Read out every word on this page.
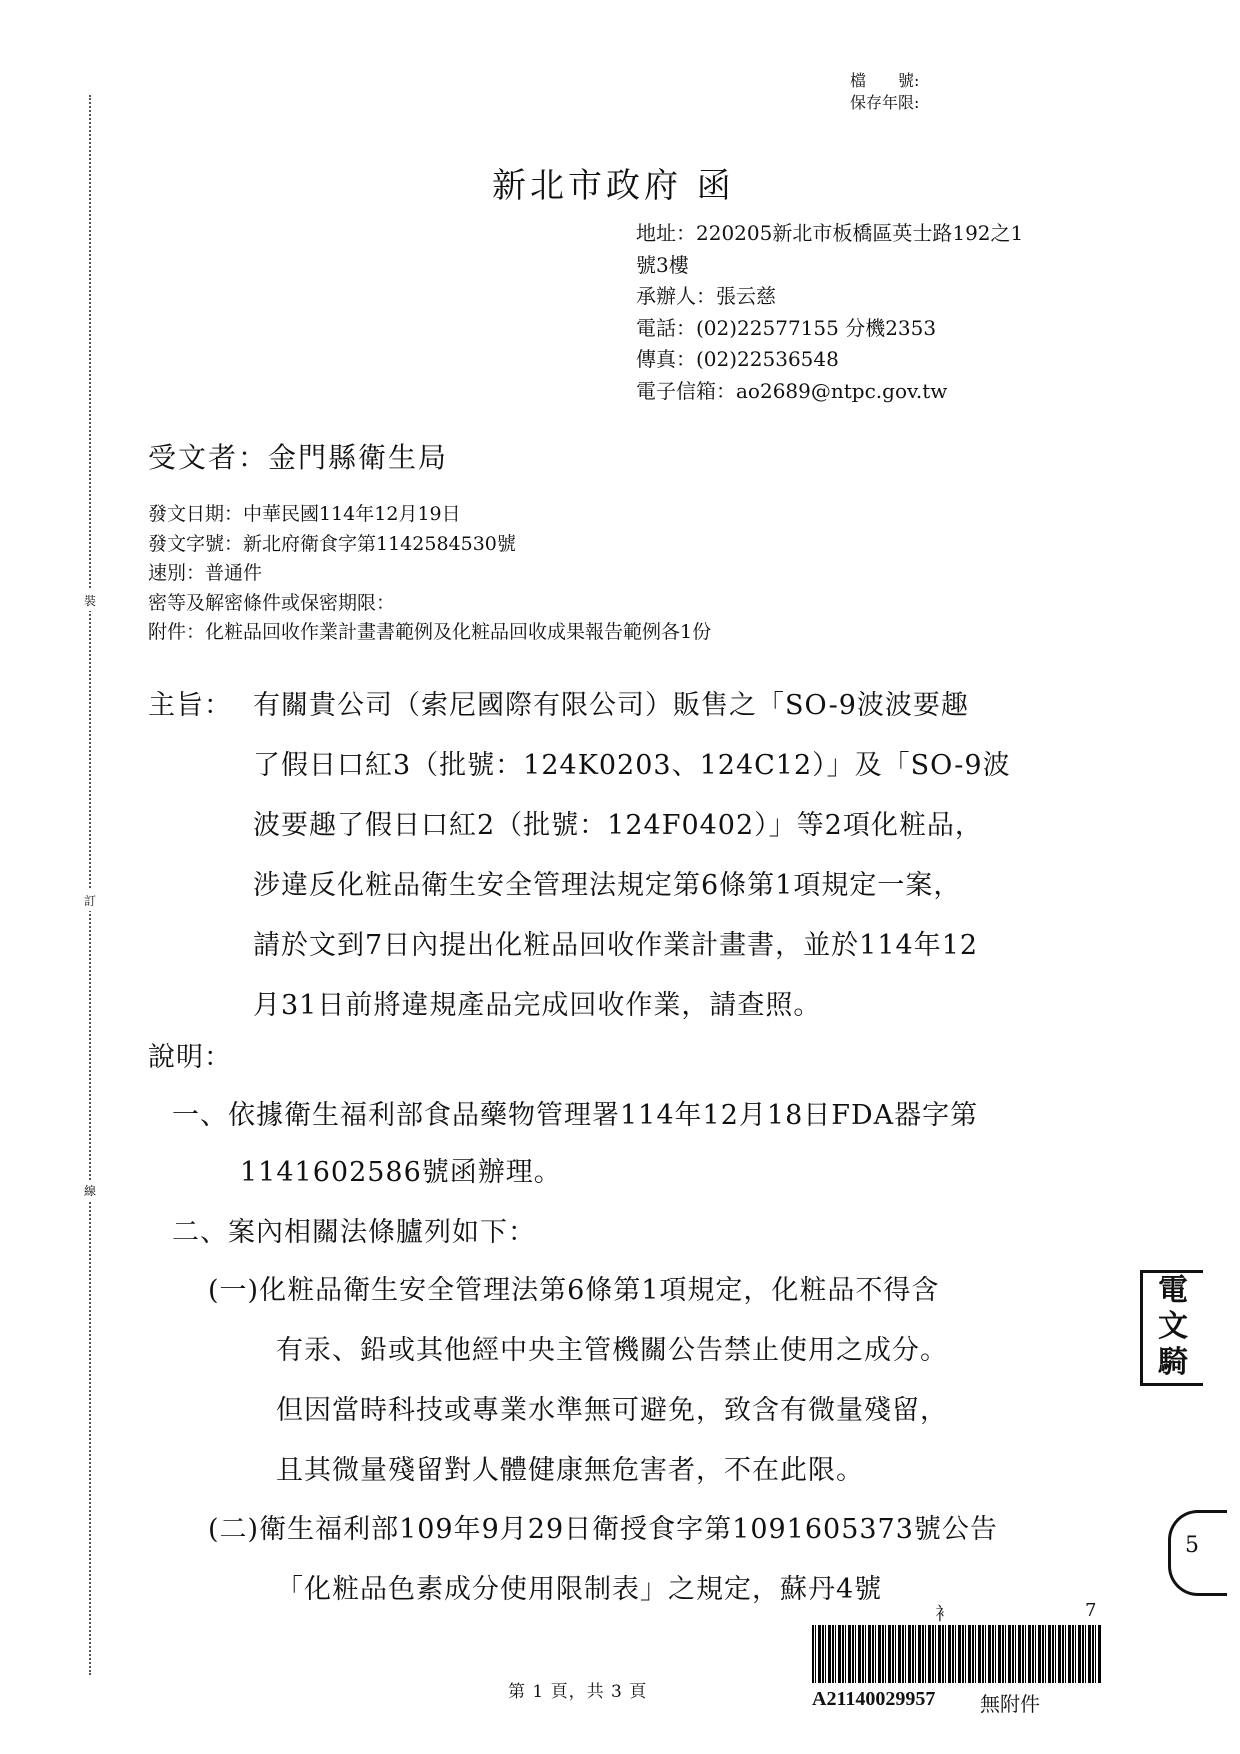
裝
訂
線
檔　　號:
保存年限:
新北市政府 函
地址：220205新北市板橋區英士路192之1
號3樓
承辦人：張云慈
電話：(02)22577155 分機2353
傳真：(02)22536548
電子信箱：ao2689@ntpc.gov.tw
受文者：金門縣衛生局
發文日期：中華民國114年12月19日
發文字號：新北府衛食字第1142584530號
速別：普通件
密等及解密條件或保密期限：
附件：化粧品回收作業計畫書範例及化粧品回收成果報告範例各1份
主旨： 有關貴公司（索尼國際有限公司）販售之「SO-9波波要趣
了假日口紅3（批號：124K0203、124C12）」及「SO-9波
波要趣了假日口紅2（批號：124F0402）」等2項化粧品，
涉違反化粧品衛生安全管理法規定第6條第1項規定一案，
請於文到7日內提出化粧品回收作業計畫書，並於114年12
月31日前將違規產品完成回收作業，請查照。
說明：
一、依據衛生福利部食品藥物管理署114年12月18日FDA器字第
1141602586號函辦理。
二、案內相關法條臚列如下：
(一)化粧品衛生安全管理法第6條第1項規定，化粧品不得含
有汞、鉛或其他經中央主管機關公告禁止使用之成分。
但因當時科技或專業水準無可避免，致含有微量殘留，
且其微量殘留對人體健康無危害者，不在此限。
(二)衛生福利部109年9月29日衛授食字第1091605373號公告
「化粧品色素成分使用限制表」之規定，蘇丹4號
電
文
騎
5
衤	7
第 1 頁，共 3 頁	A21140029957 無附件
